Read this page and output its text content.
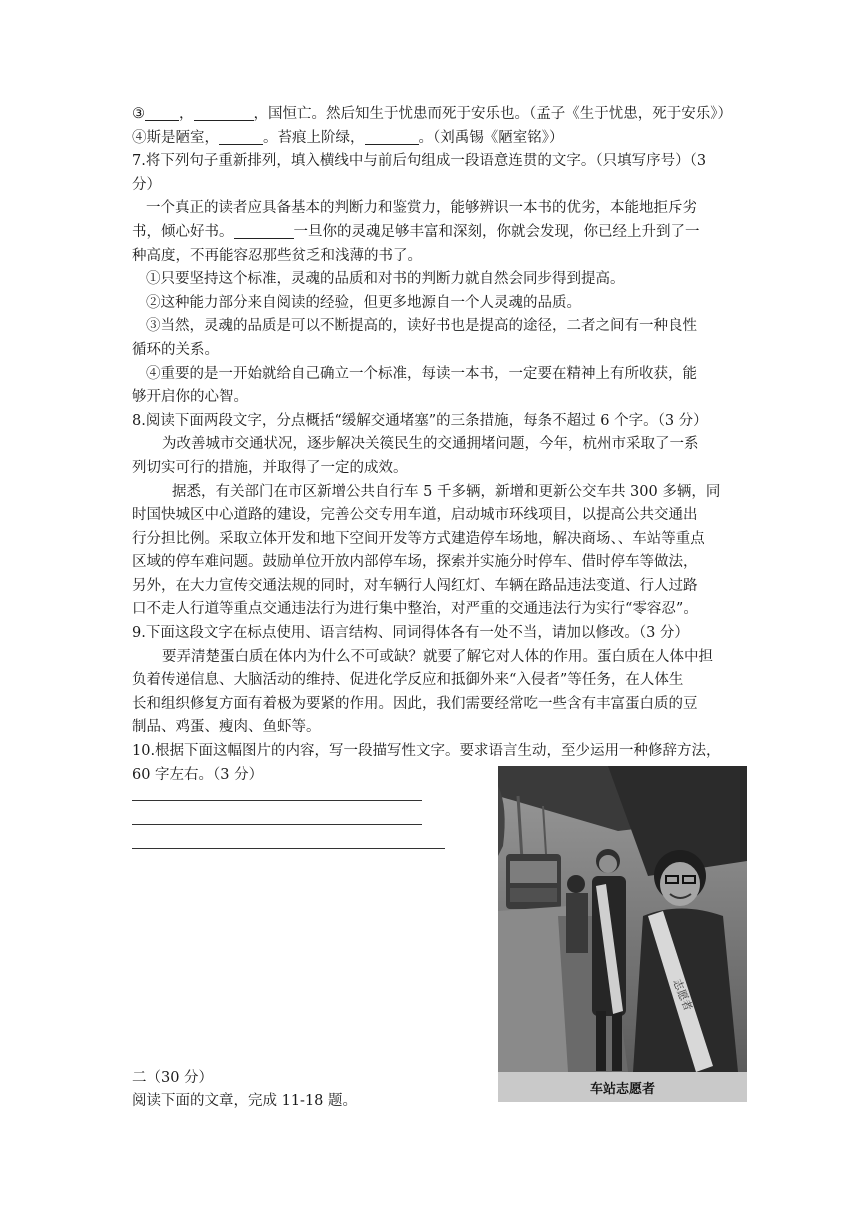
③ ，	，国恒亡。然后知生于忧患而死于安乐也。（孟子《生于忧患，死于安乐》）

④斯是陋室，	。苔痕上阶绿，	。（刘禹锡《陋室铭》）

7.将下列句子重新排列，填入横线中与前后句组成一段语意连贯的文字。（只填写序号）（3

分）

一个真正的读者应具备基本的判断力和鉴赏力，能够辨识一本书的优劣，本能地拒斥劣

书，倾心好书。	一旦你的灵魂足够丰富和深刻，你就会发现，你已经上升到了一

种高度，不再能容忍那些贫乏和浅薄的书了。

①只要坚持这个标准，灵魂的品质和对书的判断力就自然会同步得到提高。

②这种能力部分来自阅读的经验，但更多地源自一个人灵魂的品质。

③当然，灵魂的品质是可以不断提高的，读好书也是提高的途径，二者之间有一种良性

循环的关系。

④重要的是一开始就给自己确立一个标准，每读一本书，一定要在精神上有所收获，能

够开启你的心智。

8.阅读下面两段文字，分点概括“缓解交通堵塞”的三条措施，每条不超过 6 个字。（3 分）

为改善城市交通状况，逐步解决关篌民生的交通拥堵问题，今年，杭州市采取了一系

列切实可行的措施，并取得了一定的成效。

据悉，有关部门在市区新增公共自行车 5 千多辆，新增和更新公交车共 300 多辆，同

时国快城区中心道路的建设，完善公交专用车道，启动城市环线项目，以提高公共交通出

行分担比例。采取立体开发和地下空间开发等方式建造停车场地，解决商场、、车站等重点

区域的停车难问题。鼓励单位开放内部停车场，探索并实施分时停车、借时停车等做法，

另外，在大力宣传交通法规的同时，对车辆行人闯红灯、车辆在路品违法变道、行人过路

口不走人行道等重点交通违法行为进行集中整治，对严重的交通违法行为实行“零容忍”。

9.下面这段文字在标点使用、语言结构、同词得体各有一处不当，请加以修改。（3 分）

要弄清楚蛋白质在体内为什么不可或缺？就要了解它对人体的作用。蛋白质在人体中担

负着传递信息、大脑活动的维持、促进化学反应和抵御外来“入侵者”等任务，在人体生

长和组织修复方面有着极为要紧的作用。因此，我们需要经常吃一些含有丰富蛋白质的豆

制品、鸡蛋、瘦肉、鱼虾等。

10.根据下面这幅图片的内容，写一段描写性文字。要求语言生动，至少运用一种修辞方法，

60 字左右。（3 分）

志愿者
车站志愿者
二（30 分）
阅读下面的文章，完成 11-18 题。
